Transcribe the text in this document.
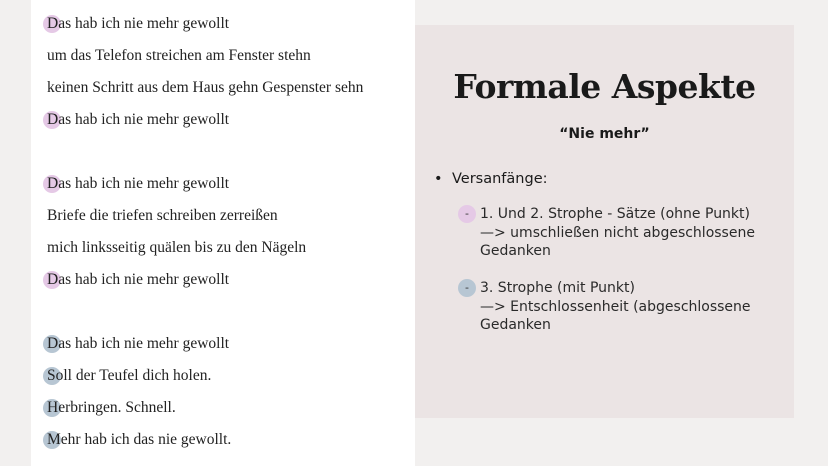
Das hab ich nie mehr gewollt
um das Telefon streichen am Fenster stehn
keinen Schritt aus dem Haus gehn Gespenster sehn
Das hab ich nie mehr gewollt
Das hab ich nie mehr gewollt
Briefe die triefen schreiben zerreißen
mich linksseitig quälen bis zu den Nägeln
Das hab ich nie mehr gewollt
Das hab ich nie mehr gewollt
Soll der Teufel dich holen.
Herbringen. Schnell.
Mehr hab ich das nie gewollt.
Formale Aspekte
“Nie mehr”
• Versanfänge:
- 1. Und 2. Strophe - Sätze (ohne Punkt)
—> umschließen nicht abgeschlossene
Gedanken
- 3. Strophe (mit Punkt)
—> Entschlossenheit (abgeschlossene
Gedanken
